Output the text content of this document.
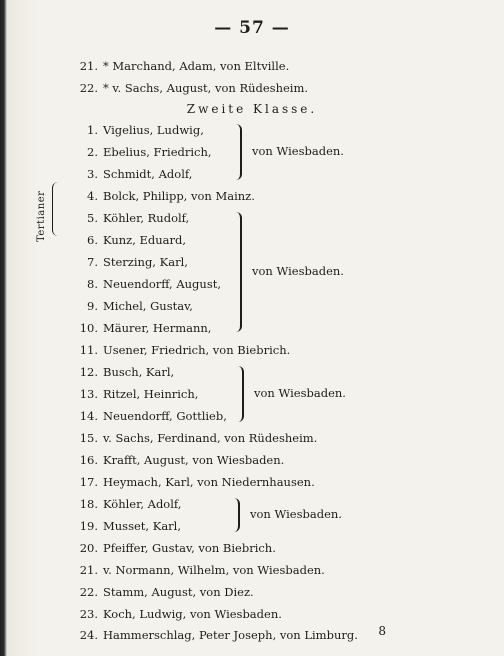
— 57 —
21. * Marchand, Adam, von Eltville.
22. * v. Sachs, August, von Rüdesheim.
Zweite Klasse.
1. Vigelius, Ludwig,
2. Ebelius, Friedrich,
3. Schmidt, Adolf,
von Wiesbaden.
Tertianer	4. Bolck, Philipp, von Mainz.
5. Köhler, Rudolf,
6. Kunz, Eduard,
7. Sterzing, Karl,
8. Neuendorff, August,
9. Michel, Gustav,
10. Mäurer, Hermann,
von Wiesbaden.
11. Usener, Friedrich, von Biebrich.
12. Busch, Karl,
13. Ritzel, Heinrich,
14. Neuendorff, Gottlieb,
von Wiesbaden.
15. v. Sachs, Ferdinand, von Rüdesheim.
16. Krafft, August, von Wiesbaden.
17. Heymach, Karl, von Niedernhausen.
18. Köhler, Adolf,
19. Musset, Karl,
von Wiesbaden.
20. Pfeiffer, Gustav, von Biebrich.
21. v. Normann, Wilhelm, von Wiesbaden.
22. Stamm, August, von Diez.
23. Koch, Ludwig, von Wiesbaden.
24. Hammerschlag, Peter Joseph, von Limburg. 8
